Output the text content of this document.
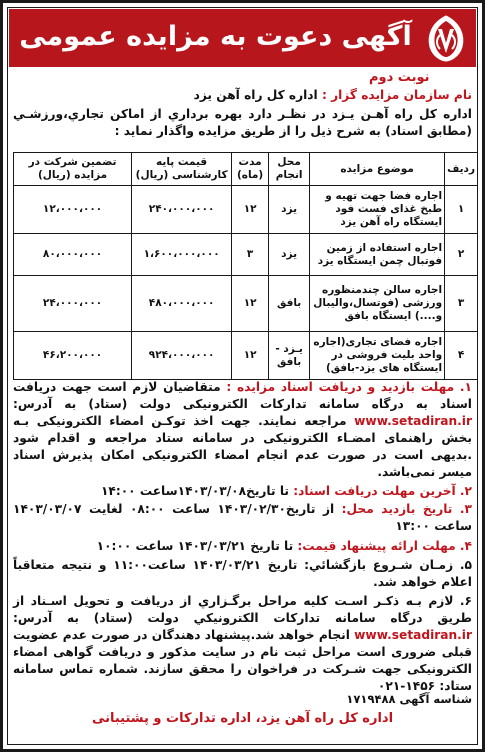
آگهی دعوت به مزایده عمومی
نوبت دوم
نام سازمان مزایده گزار : اداره کل راه آهن یزد
اداره کل راه آهـن یـزد در نظـر دارد بهره برداري از اماكن تجاري،ورزشـي (مطابق اسناد) به شرح ذيل را از طريق مزايده واگذار نمايد :
ردیف	موضوع مزایده	محل انجام	مدت (ماه)	قیمت پایه کارشناسی (ریال)	تضمین شرکت در مزایده (ریال)
۱	اجاره فضا جهت تهیه و طبخ غذای فست فود ایستگاه راه آهن یزد	یزد	۱۲	۲۴۰،۰۰۰،۰۰۰	۱۲،۰۰۰،۰۰۰
۲	اجاره استفاده از زمین فوتبال چمن ایستگاه یزد	یزد	۳	۱،۶۰۰،۰۰۰،۰۰۰	۸۰،۰۰۰،۰۰۰
۳	اجاره سالن چندمنظوره ورزشی (فوتسال،والیبال و....) ایستگاه بافق	بافق	۱۲	۴۸۰،۰۰۰،۰۰۰	۲۴،۰۰۰،۰۰۰
۴	اجاره فضای تجاری(اجاره واحد بلیت فروشی در ایستگاه های یزد-بافق)	یـزد - بافق	۱۲	۹۲۴،۰۰۰،۰۰۰	۴۶،۲۰۰،۰۰۰
۱. مهلت بازدید و دریافت اسناد مزایده : متقاضیان لازم است جهت دریافت اسناد به درگاه سامانه تدارکات الکترونیکی دولت (ستاد) به آدرس: www.setadiran.ir مراجعه نمایند. جهت اخذ توکـن امضاء الکترونیکی بـه بخش راهنمای امضـاء الکترونیکی در سامانه ستاد مراجعه و اقدام شود .بدیهی است در صورت عدم انجام امضاء الکترونیکی امکان پذیرش اسناد میسر نمی‌باشد.
۲. آخرین مهلت دریافت اسناد: تا تاریخ۱۴۰۳/۰۳/۰۸ساعت ۱۴:۰۰
۳. تاریخ بازدید محل: از تاریخ۱۴۰۳/۰۲/۳۰ ساعت ۰۸:۰۰ لغایت ۱۴۰۳/۰۳/۰۷ ساعت ۱۳:۰۰
۴. مهلت ارائه پیشنهاد قیمت: تا تاریخ ۱۴۰۳/۰۳/۲۱ ساعت ۱۰:۰۰
۵. زمـان شـروع بازگشائي: تاريخ ۱۴۰۳/۰۳/۲۱ ساعت۱۱:۰۰ و نتيجه متعاقباً اعلام خواهد شد.
۶. لازم بـه ذكـر اسـت كليه مراحل برگـزاري از دريافت و تحويل اسـناد از طريق درگاه سامانه تداركات الكترونيكي دولت (ستاد) به آدرس: www.setadiran.ir انجام خواهد شد.پیشنهاد دهندگان در صورت عدم عضویت قبلی ضروری است مراحل ثبت نام در سایت مذکور و دریافت گواهی امضاء الکترونیکی جهت شـرکت در فراخوان را محقق سازند. شماره تماس سامانه ستاد: ۱۴۵۶-۰۲۱
شناسه آگهی ۱۷۱۹۴۸۸
اداره کل راه آهن یزد، اداره تدارکات و پشتیبانی
